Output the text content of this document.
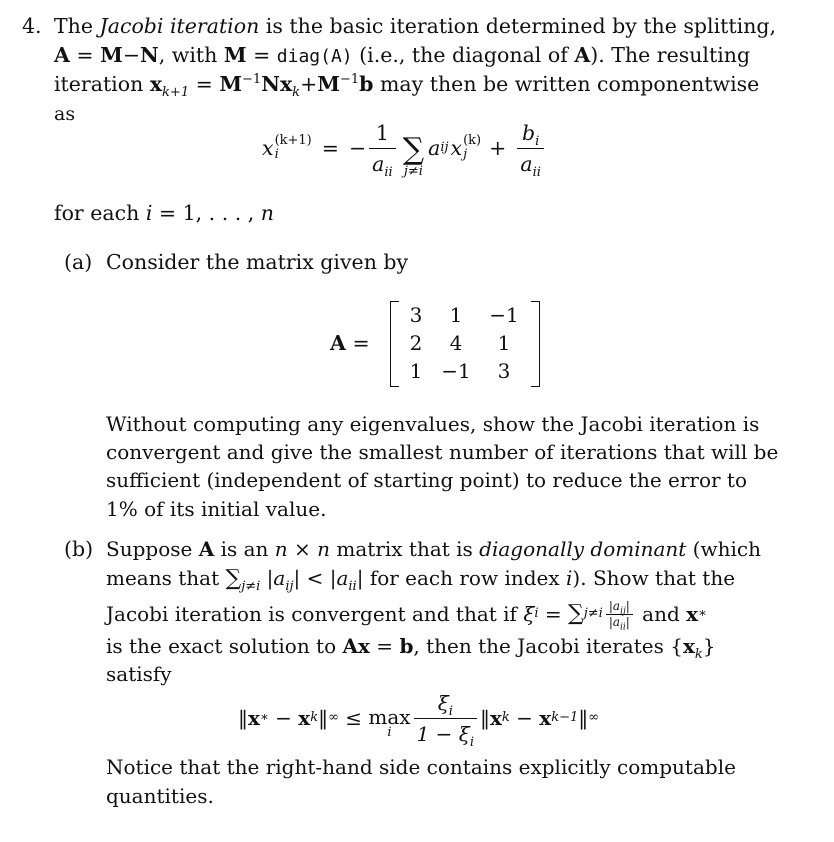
4. The Jacobi iteration is the basic iteration determined by the splitting,
A = M−N, with M = diag(A) (i.e., the diagonal of A). The resulting
iteration $x_{k+1} = M^{-1}Nx_k+M^{-1}b$ may then be written componentwise
as
x (k+1)
i	= − $\frac{1}{a_{ii}}$ ∑
j≠i
a ij x (k)
j	+ $\frac{b_i}{a_{ii}}$
for each i = 1, . . . , n
(a) Consider the matrix given by
A =
3	1	−1
2	4	1
1 −1	3
Without computing any eigenvalues, show the Jacobi iteration is
convergent and give the smallest number of iterations that will be
sufficient (independent of starting point) to reduce the error to
1% of its initial value.
(b) Suppose A is an n × n matrix that is diagonally dominant (which
means that $\sum_{j\ne i}$ $|a_{ij}| < |a_{ii}|$ for each row index i). Show that the
Jacobi iteration is convergent and that if ξ i = ∑ $j\ne i \frac{|a_{ij}|}{|a_{ii}|}$ and x ∗
is the exact solution to Ax = b, then the Jacobi iterates $\{x_k\}$
satisfy
‖ x ∗ − x k ‖ ∞ ≤ max
i $\frac{\xi_i}{1 - \xi_i}$ ‖ x k − x k−1 ‖ ∞
Notice that the right-hand side contains explicitly computable
quantities.
